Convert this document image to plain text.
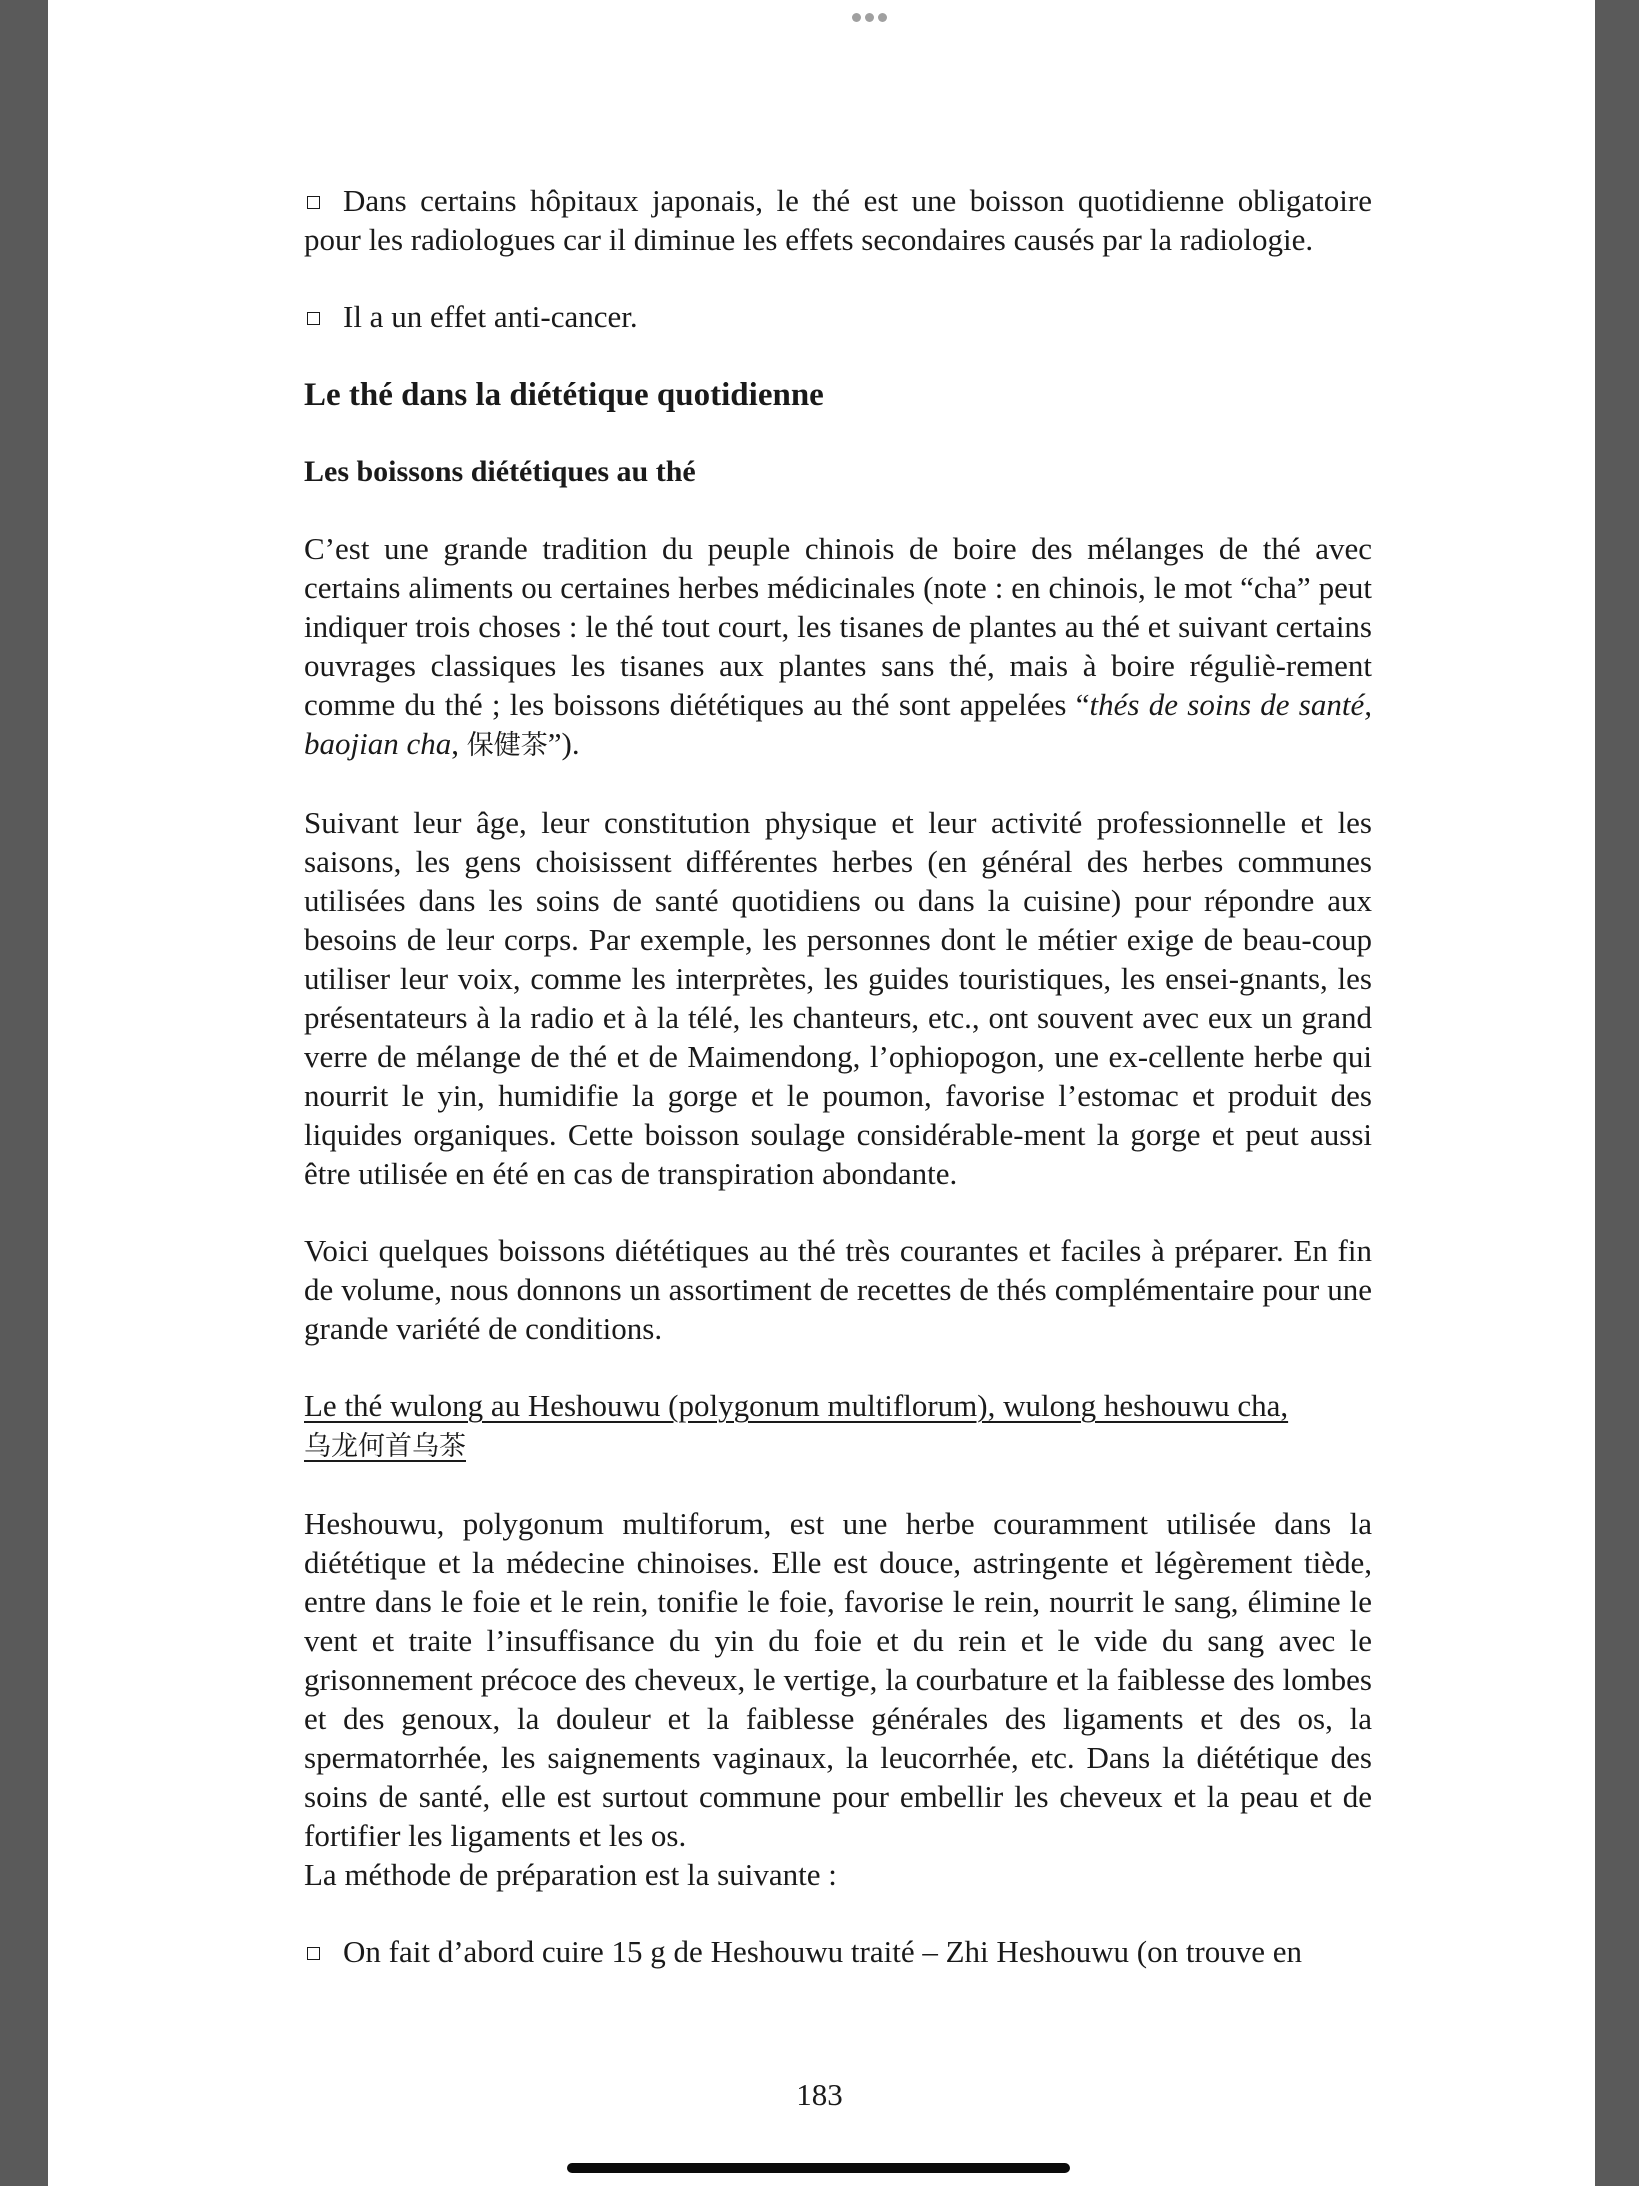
Dans certains hôpitaux japonais, le thé est une boisson quotidienne obligatoire pour les radiologues car il diminue les effets secondaires causés par la radiologie.

Il a un effet anti-cancer.

Le thé dans la diététique quotidienne
Les boissons diététiques au thé

C’est une grande tradition du peuple chinois de boire des mélanges de thé avec certains aliments ou certaines herbes médicinales (note : en chinois, le mot “cha” peut indiquer trois choses : le thé tout court, les tisanes de plantes au thé et suivant certains ouvrages classiques les tisanes aux plantes sans thé, mais à boire réguliè-rement comme du thé ; les boissons diététiques au thé sont appelées “thés de soins de santé, baojian cha, 保健茶”).

Suivant leur âge, leur constitution physique et leur activité professionnelle et les saisons, les gens choisissent différentes herbes (en général des herbes communes utilisées dans les soins de santé quotidiens ou dans la cuisine) pour répondre aux besoins de leur corps. Par exemple, les personnes dont le métier exige de beau-coup utiliser leur voix, comme les interprètes, les guides touristiques, les ensei-gnants, les présentateurs à la radio et à la télé, les chanteurs, etc., ont souvent avec eux un grand verre de mélange de thé et de Maimendong, l’ophiopogon, une ex-cellente herbe qui nourrit le yin, humidifie la gorge et le poumon, favorise l’estomac et produit des liquides organiques. Cette boisson soulage considérable-ment la gorge et peut aussi être utilisée en été en cas de transpiration abondante.

Voici quelques boissons diététiques au thé très courantes et faciles à préparer. En fin de volume, nous donnons un assortiment de recettes de thés complémentaire pour une grande variété de conditions.

Le thé wulong au Heshouwu (polygonum multiflorum), wulong heshouwu cha,
乌龙何首乌茶

Heshouwu, polygonum multiforum, est une herbe couramment utilisée dans la diététique et la médecine chinoises. Elle est douce, astringente et légèrement tiède, entre dans le foie et le rein, tonifie le foie, favorise le rein, nourrit le sang, élimine le vent et traite l’insuffisance du yin du foie et du rein et le vide du sang avec le grisonnement précoce des cheveux, le vertige, la courbature et la faiblesse des lombes et des genoux, la douleur et la faiblesse générales des ligaments et des os, la spermatorrhée, les saignements vaginaux, la leucorrhée, etc. Dans la diététique des soins de santé, elle est surtout commune pour embellir les cheveux et la peau et de fortifier les ligaments et les os.

La méthode de préparation est la suivante :

On fait d’abord cuire 15 g de Heshouwu traité – Zhi Heshouwu (on trouve en

183
